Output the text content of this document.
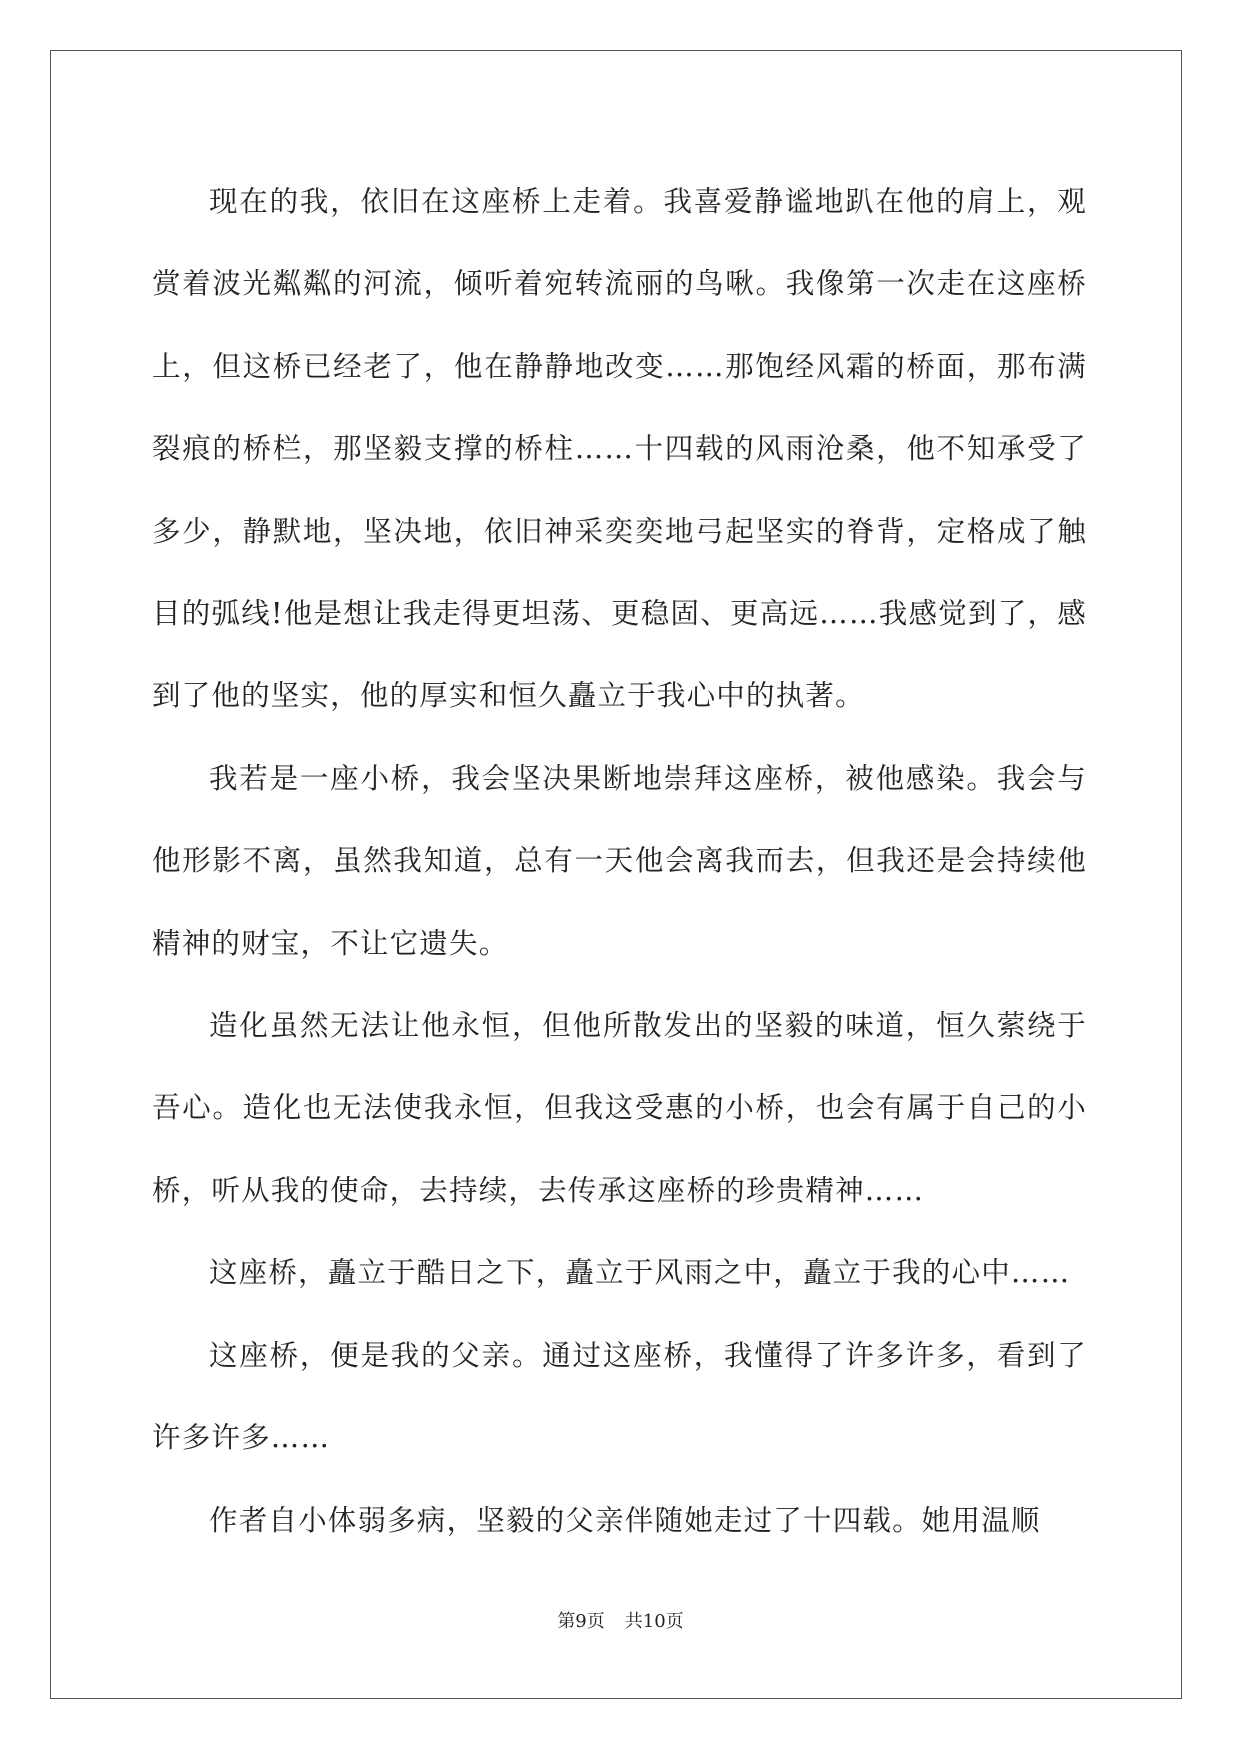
现在的我，依旧在这座桥上走着。我喜爱静谧地趴在他的肩上，观赏着波光粼粼的河流，倾听着宛转流丽的鸟啾。我像第一次走在这座桥上，但这桥已经老了，他在静静地改变……那饱经风霜的桥面，那布满裂痕的桥栏，那坚毅支撑的桥柱……十四载的风雨沧桑，他不知承受了多少，静默地，坚决地，依旧神采奕奕地弓起坚实的脊背，定格成了触目的弧线!他是想让我走得更坦荡、更稳固、更高远……我感觉到了，感到了他的坚实，他的厚实和恒久矗立于我心中的执著。

我若是一座小桥，我会坚决果断地崇拜这座桥，被他感染。我会与他形影不离，虽然我知道，总有一天他会离我而去，但我还是会持续他精神的财宝，不让它遗失。

造化虽然无法让他永恒，但他所散发出的坚毅的味道，恒久萦绕于吾心。造化也无法使我永恒，但我这受惠的小桥，也会有属于自己的小桥，听从我的使命，去持续，去传承这座桥的珍贵精神……

这座桥，矗立于酷日之下，矗立于风雨之中，矗立于我的心中……

这座桥，便是我的父亲。通过这座桥，我懂得了许多许多，看到了许多许多……

作者自小体弱多病，坚毅的父亲伴随她走过了十四载。她用温顺

第9页 共10页
